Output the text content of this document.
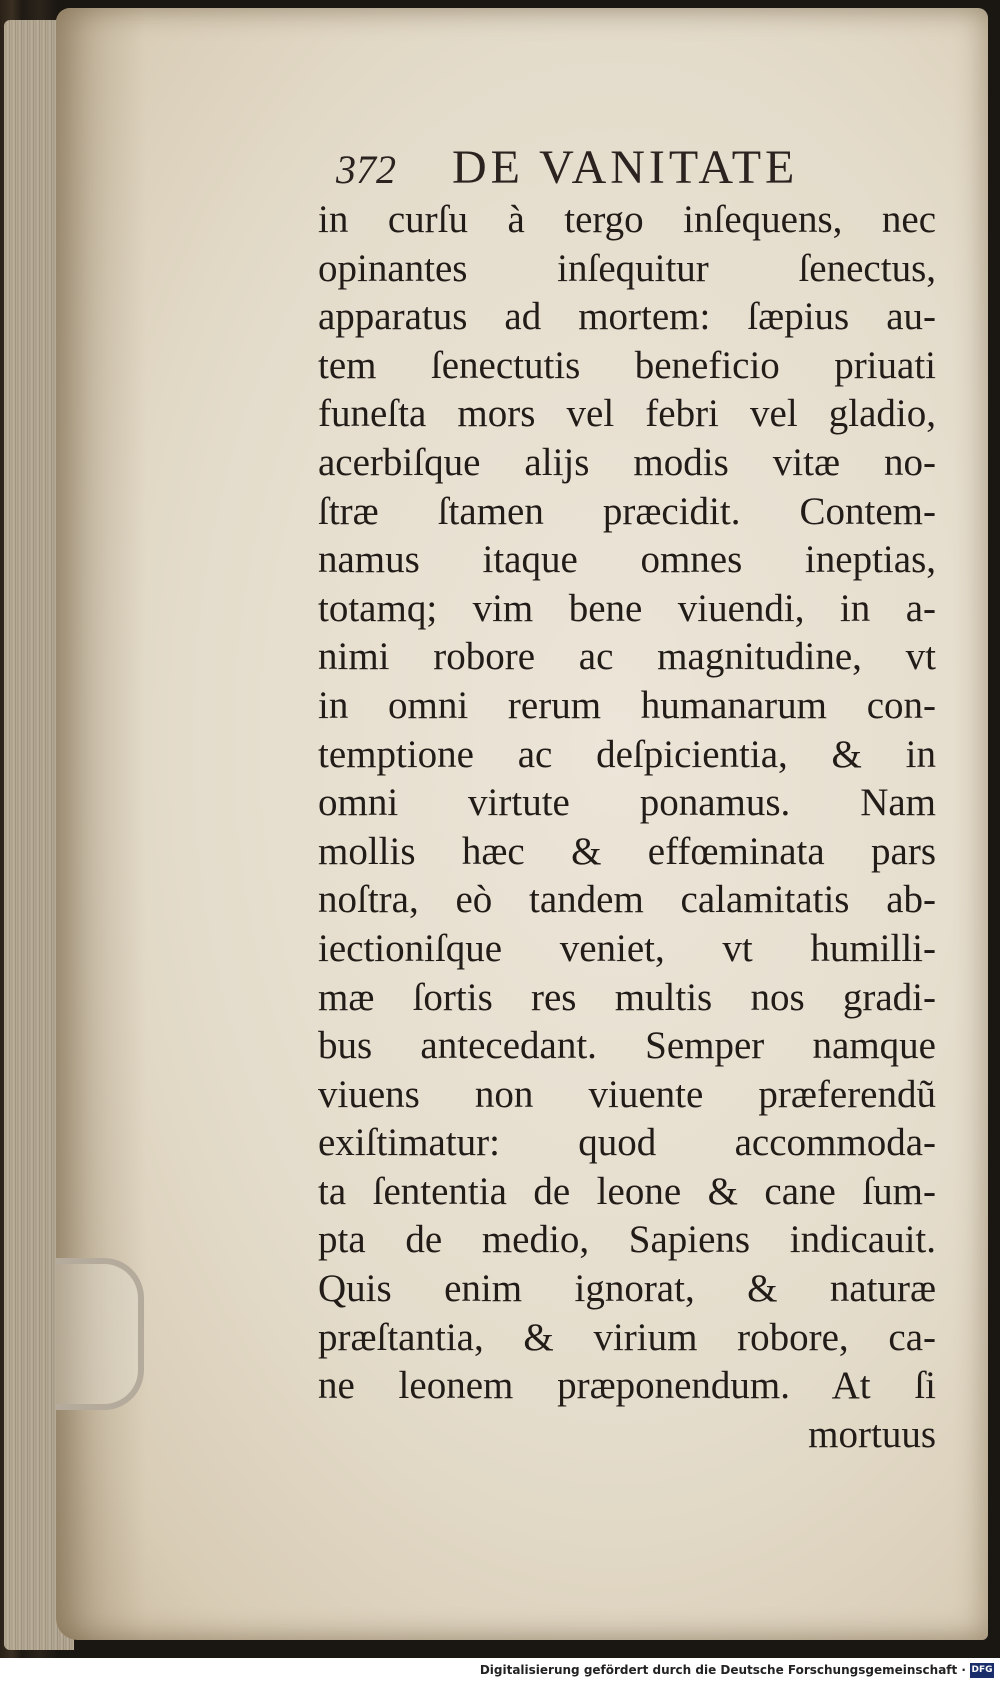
372 DE VANITATE
in curſu à tergo inſequens, nec
opinantes inſequitur ſenectus,
apparatus ad mortem: ſæpius au-
tem ſenectutis beneficio priuati
funeſta mors vel febri vel gladio,
acerbiſque alijs modis vitæ no-
ſtræ ſtamen præcidit. Contem-
namus itaque omnes ineptias,
totamq; vim bene viuendi, in a-
nimi robore ac magnitudine, vt
in omni rerum humanarum con-
temptione ac deſpicientia, & in
omni virtute ponamus. Nam
mollis hæc & effœminata pars
noſtra, eò tandem calamitatis ab-
iectioniſque veniet, vt humilli-
mæ ſortis res multis nos gradi-
bus antecedant. Semper namque
viuens non viuente præferendũ
exiſtimatur: quod accommoda-
ta ſententia de leone & cane ſum-
pta de medio, Sapiens indicauit.
Quis enim ignorat, & naturæ
præſtantia, & virium robore, ca-
ne leonem præponendum. At ſi
mortuus
Digitalisierung gefördert durch die Deutsche Forschungsgemeinschaft · DFG
